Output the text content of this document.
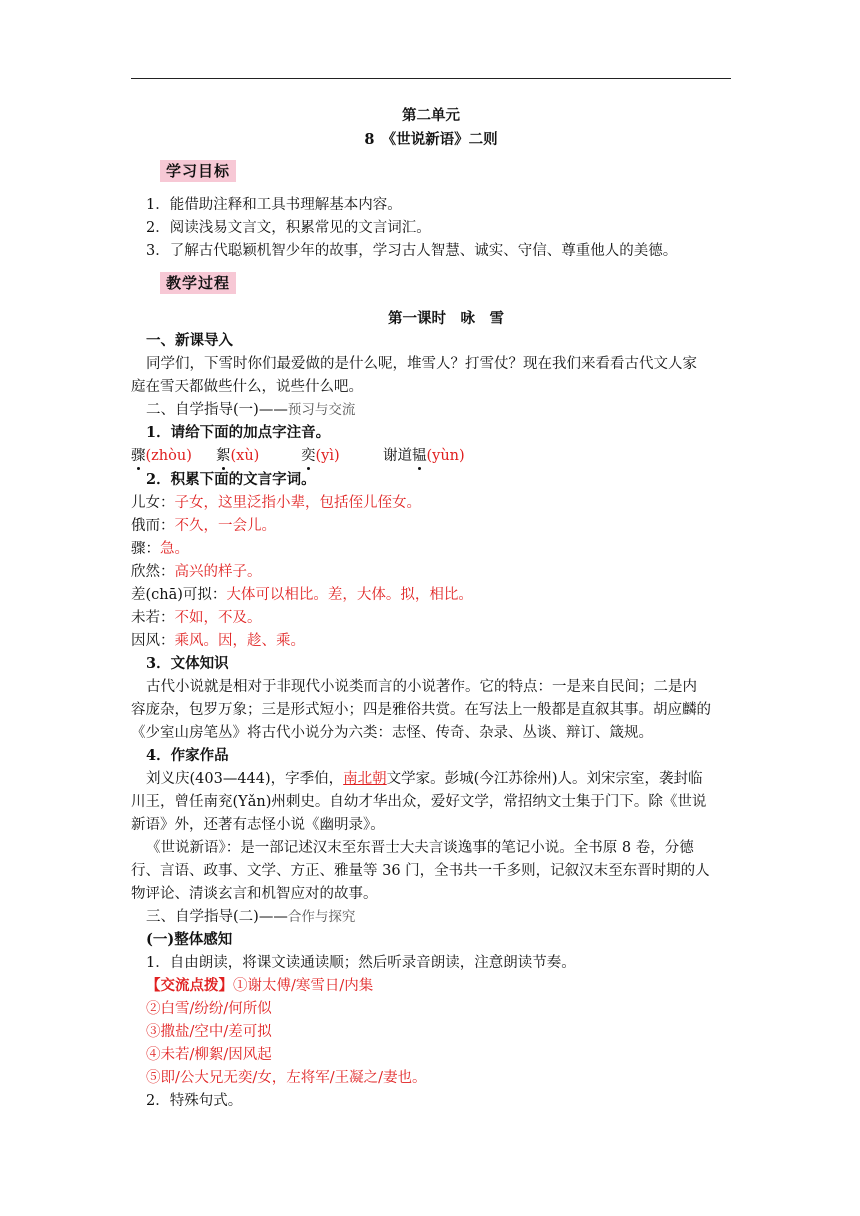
第二单元
8　《世说新语》二则
学习目标
1．能借助注释和工具书理解基本内容。
2．阅读浅易文言文，积累常见的文言词汇。
3．了解古代聪颖机智少年的故事，学习古人智慧、诚实、守信、尊重他人的美德。
教学过程
第一课时　咏　雪
一、新课导入
同学们，下雪时你们最爱做的是什么呢，堆雪人？打雪仗？现在我们来看看古代文人家
庭在雪天都做些什么，说些什么吧。
二、自学指导(一)——预习与交流
1．请给下面的加点字注音。
骤(zhòu) 絮(xù)	奕(yì)	谢道韫(yùn)
2．积累下面的文言字词。
儿女：子女，这里泛指小辈，包括侄儿侄女。
俄而：不久，一会儿。
骤：急。
欣然：高兴的样子。
差(chā)可拟：大体可以相比。差，大体。拟，相比。
未若：不如，不及。
因风：乘风。因，趁、乘。
3．文体知识
古代小说就是相对于非现代小说类而言的小说著作。它的特点：一是来自民间；二是内
容庞杂，包罗万象；三是形式短小；四是雅俗共赏。在写法上一般都是直叙其事。胡应麟的
《少室山房笔丛》将古代小说分为六类：志怪、传奇、杂录、丛谈、辩订、箴规。
4．作家作品
刘义庆(403—444)，字季伯，南北朝文学家。彭城(今江苏徐州)人。刘宋宗室，袭封临
川王，曾任南兖(Yǎn)州刺史。自幼才华出众，爱好文学，常招纳文士集于门下。除《世说
新语》外，还著有志怪小说《幽明录》。
《世说新语》：是一部记述汉末至东晋士大夫言谈逸事的笔记小说。全书原 8 卷，分德
行、言语、政事、文学、方正、雅量等 36 门，全书共一千多则，记叙汉末至东晋时期的人
物评论、清谈玄言和机智应对的故事。
三、自学指导(二)——合作与探究
(一)整体感知
1．自由朗读，将课文读通读顺；然后听录音朗读，注意朗读节奏。
【交流点拨】①谢太傅/寒雪日/内集
②白雪/纷纷/何所似
③撒盐/空中/差可拟
④未若/柳絮/因风起
⑤即/公大兄无奕/女，左将军/王凝之/妻也。
2．特殊句式。
